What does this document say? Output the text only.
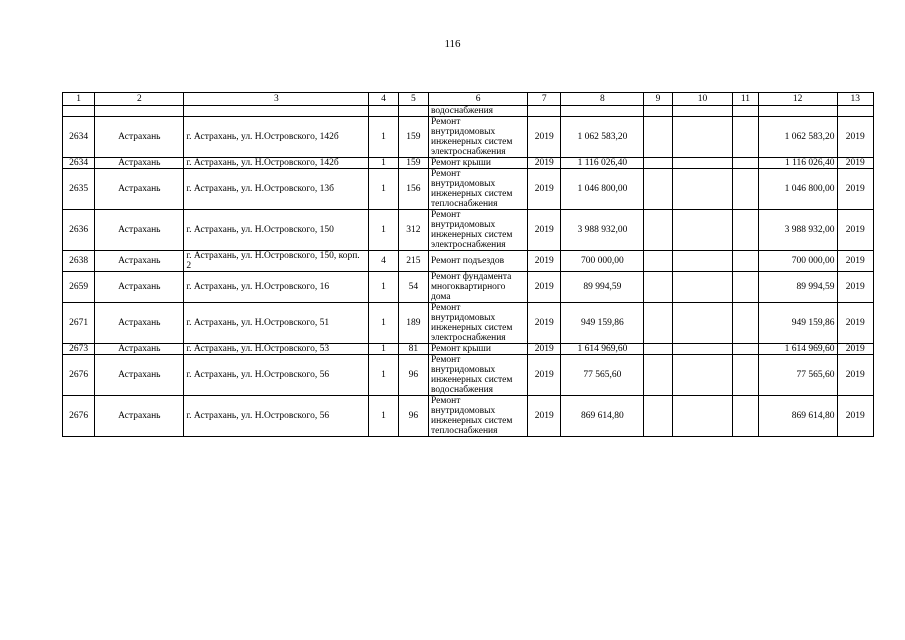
116
1	2	3	4	5	6	7	8	9	10	11	12	13
					водоснабжения							
2634	Астрахань	г. Астрахань, ул. Н.Островского, 142б	1	159	Ремонт внутридомовых инженерных систем электроснабжения	2019	1 062 583,20				1 062 583,20	2019
2634	Астрахань	г. Астрахань, ул. Н.Островского, 142б	1	159	Ремонт крыши	2019	1 116 026,40				1 116 026,40	2019
2635	Астрахань	г. Астрахань, ул. Н.Островского, 13б	1	156	Ремонт внутридомовых инженерных систем теплоснабжения	2019	1 046 800,00				1 046 800,00	2019
2636	Астрахань	г. Астрахань, ул. Н.Островского, 150	1	312	Ремонт внутридомовых инженерных систем электроснабжения	2019	3 988 932,00				3 988 932,00	2019
2638	Астрахань	г. Астрахань, ул. Н.Островского, 150, корп. 2	4	215	Ремонт подъездов	2019	700 000,00				700 000,00	2019
2659	Астрахань	г. Астрахань, ул. Н.Островского, 16	1	54	Ремонт фундамента многоквартирного дома	2019	89 994,59				89 994,59	2019
2671	Астрахань	г. Астрахань, ул. Н.Островского, 51	1	189	Ремонт внутридомовых инженерных систем электроснабжения	2019	949 159,86				949 159,86	2019
2673	Астрахань	г. Астрахань, ул. Н.Островского, 53	1	81	Ремонт крыши	2019	1 614 969,60				1 614 969,60	2019
2676	Астрахань	г. Астрахань, ул. Н.Островского, 56	1	96	Ремонт внутридомовых инженерных систем водоснабжения	2019	77 565,60				77 565,60	2019
2676	Астрахань	г. Астрахань, ул. Н.Островского, 56	1	96	Ремонт внутридомовых инженерных систем теплоснабжения	2019	869 614,80				869 614,80	2019
